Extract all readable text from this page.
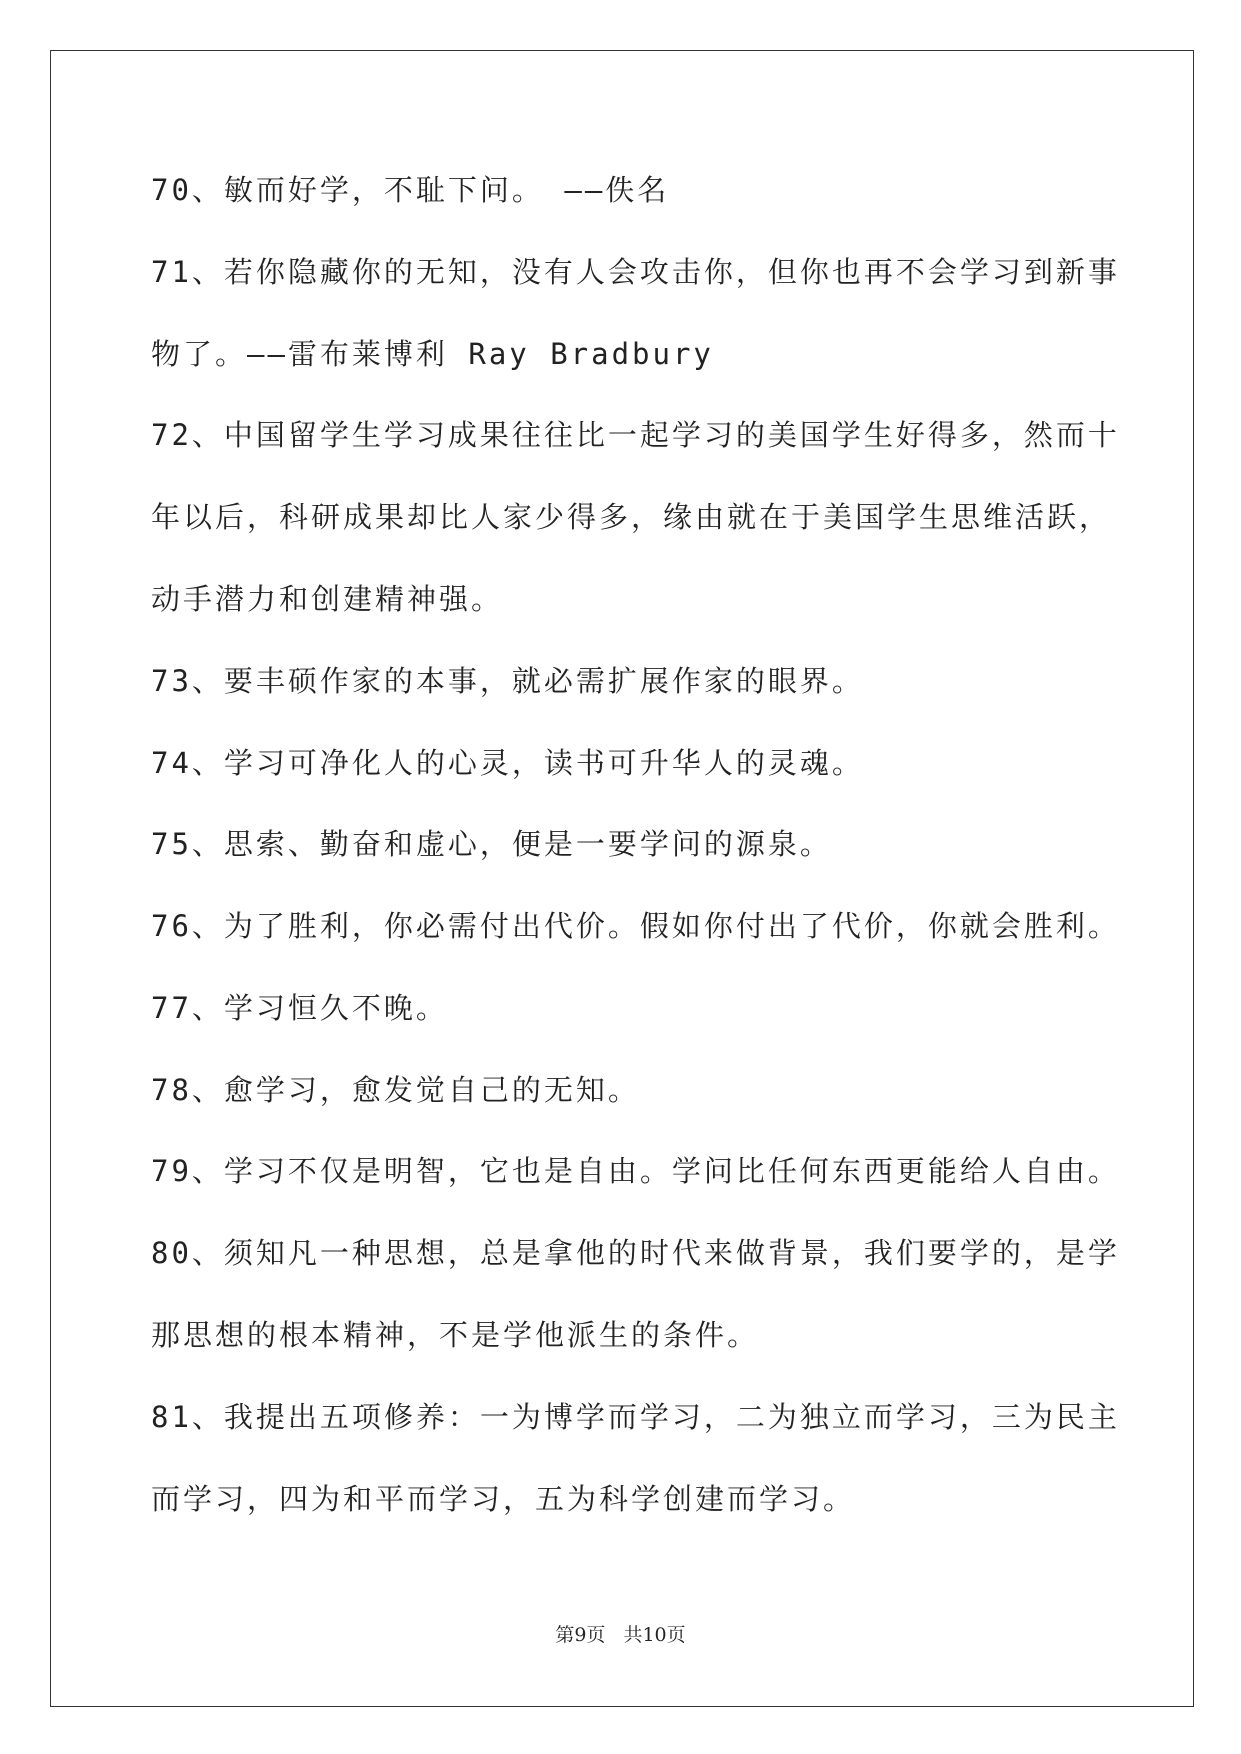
70、敏而好学，不耻下问。 ——佚名

71、若你隐藏你的无知，没有人会攻击你，但你也再不会学习到新事

物了。——雷布莱博利 Ray Bradbury

72、中国留学生学习成果往往比一起学习的美国学生好得多，然而十

年以后，科研成果却比人家少得多，缘由就在于美国学生思维活跃，

动手潜力和创建精神强。

73、要丰硕作家的本事，就必需扩展作家的眼界。

74、学习可净化人的心灵，读书可升华人的灵魂。

75、思索、勤奋和虚心，便是一要学问的源泉。

76、为了胜利，你必需付出代价。假如你付出了代价，你就会胜利。

77、学习恒久不晚。

78、愈学习，愈发觉自己的无知。

79、学习不仅是明智，它也是自由。学问比任何东西更能给人自由。

80、须知凡一种思想，总是拿他的时代来做背景，我们要学的，是学

那思想的根本精神，不是学他派生的条件。

81、我提出五项修养：一为博学而学习，二为独立而学习，三为民主

而学习，四为和平而学习，五为科学创建而学习。

第9页 共10页
